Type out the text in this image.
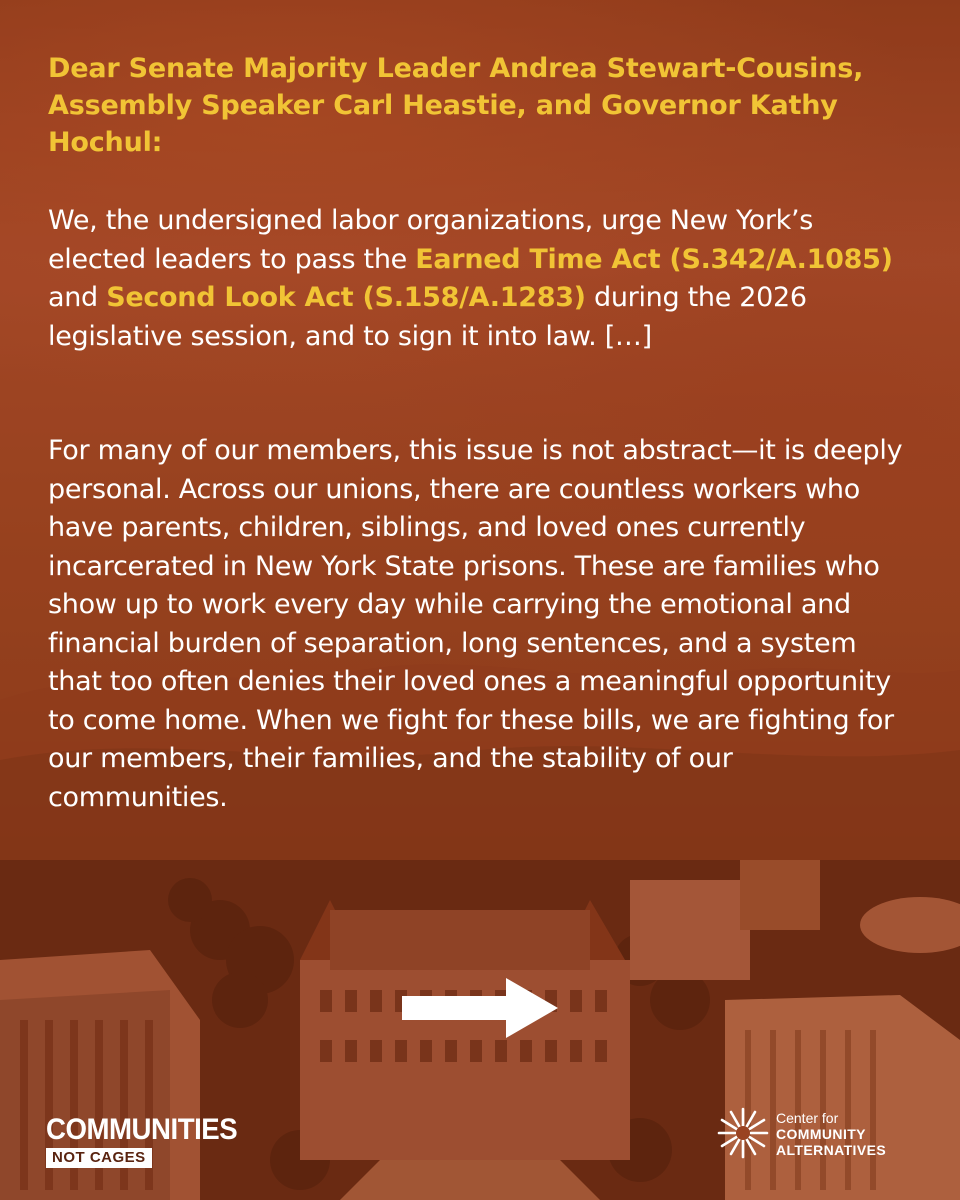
Dear Senate Majority Leader Andrea Stewart-Cousins, Assembly Speaker Carl Heastie, and Governor Kathy Hochul:
We, the undersigned labor organizations, urge New York’s elected leaders to pass the Earned Time Act (S.342/A.1085) and Second Look Act (S.158/A.1283) during the 2026 legislative session, and to sign it into law. […]
For many of our members, this issue is not abstract—it is deeply personal. Across our unions, there are countless workers who have parents, children, siblings, and loved ones currently incarcerated in New York State prisons. These are families who show up to work every day while carrying the emotional and financial burden of separation, long sentences, and a system that too often denies their loved ones a meaningful opportunity to come home. When we fight for these bills, we are fighting for our members, their families, and the stability of our communities.
COMMUNITIES
NOT CAGES
Center for
COMMUNITY
ALTERNATIVES
